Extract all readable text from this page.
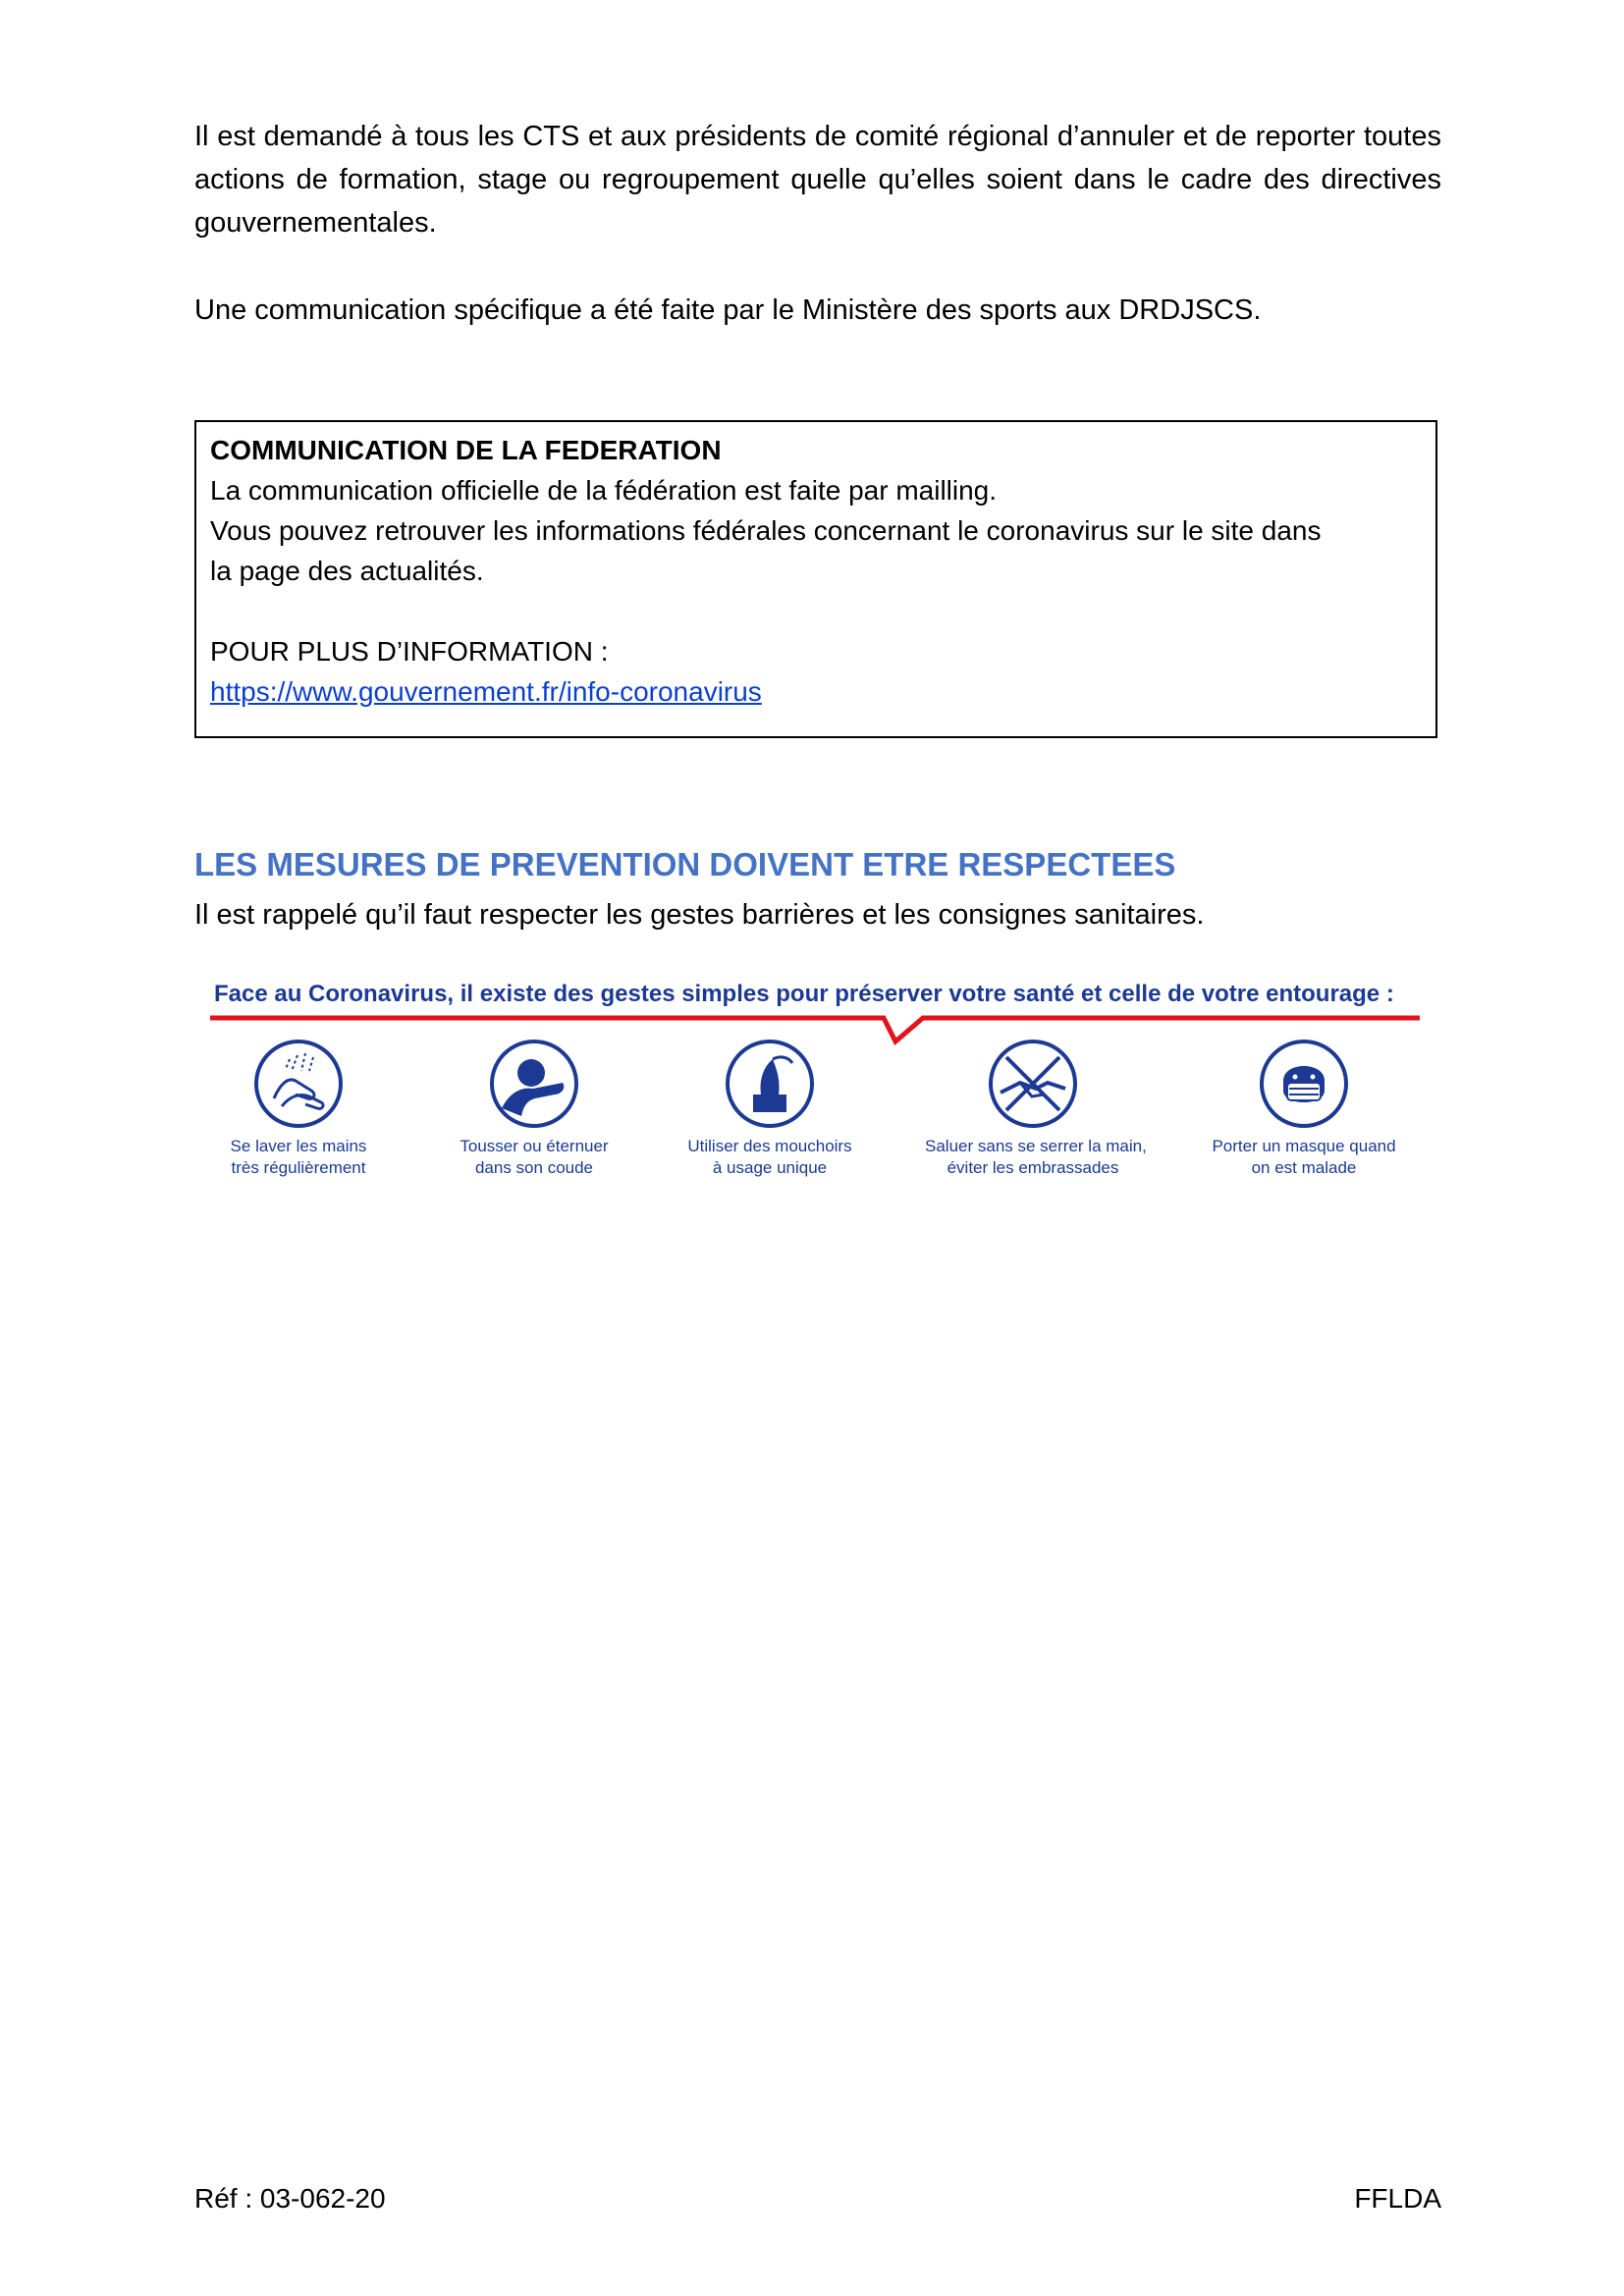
Il est demandé à tous les CTS et aux présidents de comité régional d’annuler et de reporter toutes actions de formation, stage ou regroupement quelle qu’elles soient dans le cadre des directives gouvernementales.

Une communication spécifique a été faite par le Ministère des sports aux DRDJSCS.

COMMUNICATION DE LA FEDERATION
La communication officielle de la fédération est faite par mailling.
Vous pouvez retrouver les informations fédérales concernant le coronavirus sur le site dans
la page des actualités.
POUR PLUS D’INFORMATION :
https://www.gouvernement.fr/info-coronavirus
LES MESURES DE PREVENTION DOIVENT ETRE RESPECTEES

Il est rappelé qu’il faut respecter les gestes barrières et les consignes sanitaires.

Face au Coronavirus, il existe des gestes simples pour préserver votre santé et celle de votre entourage :
Se laver les mains
très régulièrement
Tousser ou éternuer
dans son coude
Utiliser des mouchoirs
à usage unique
Saluer sans se serrer la main,
éviter les embrassades
Porter un masque quand
on est malade
Réf : 03-062-20	FFLDA
